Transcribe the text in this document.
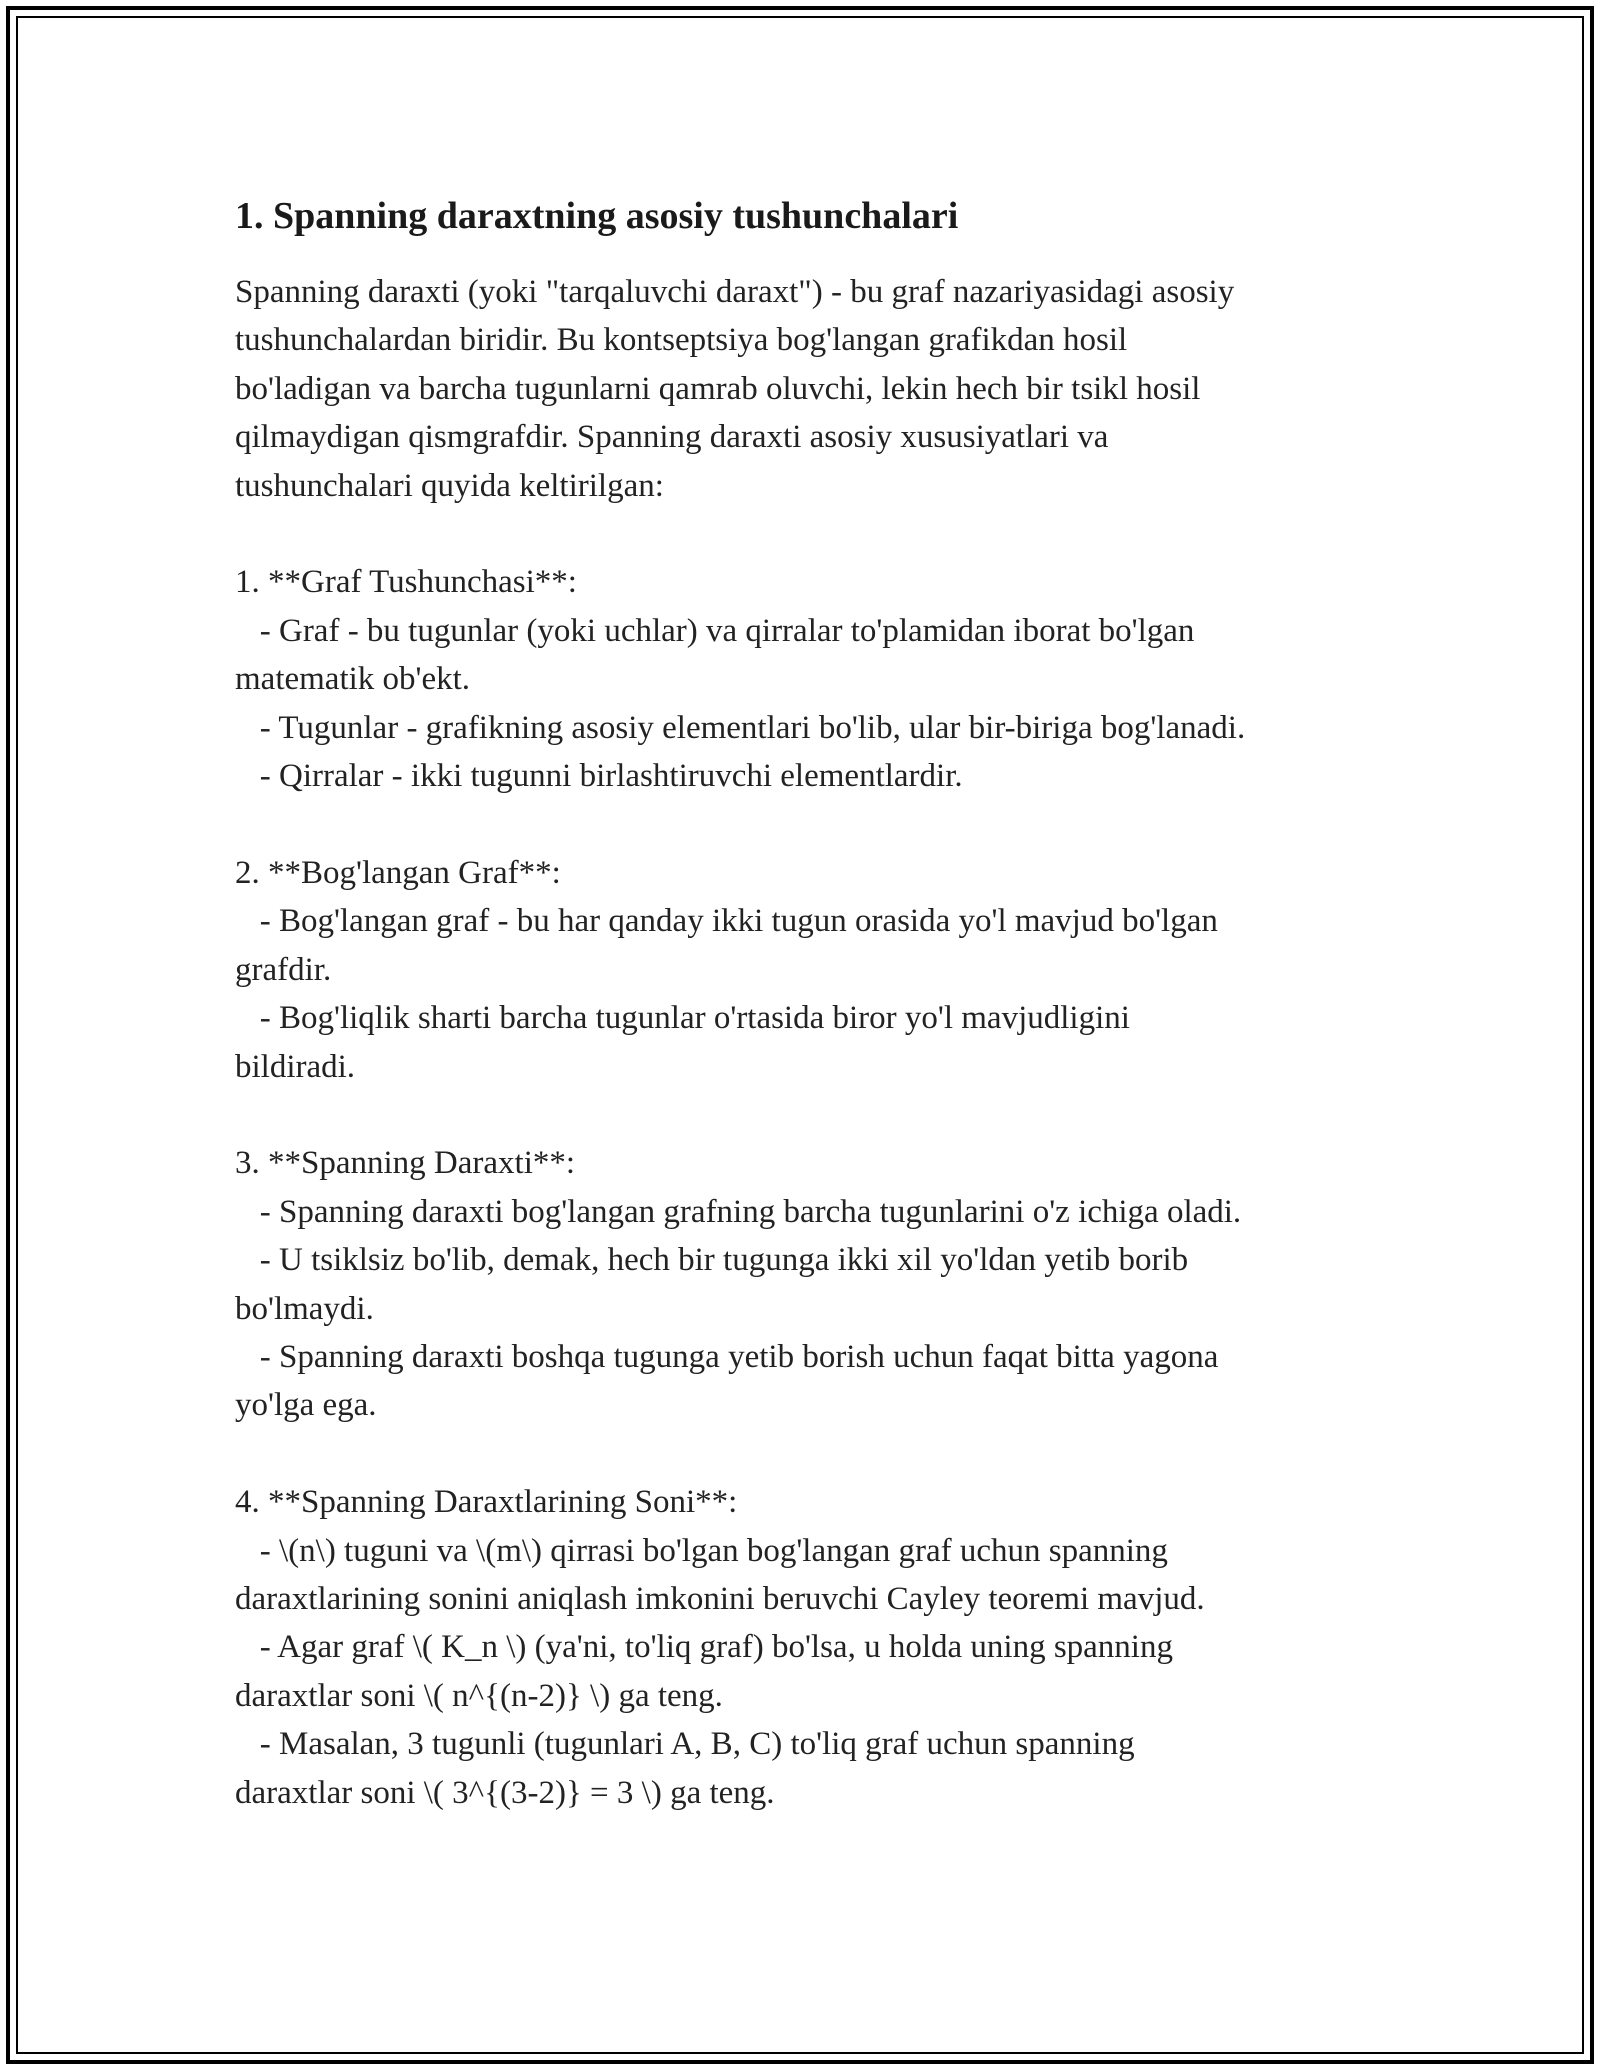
1. Spanning daraxtning asosiy tushunchalari

Spanning daraxti (yoki "tarqaluvchi daraxt") - bu graf nazariyasidagi asosiy
tushunchalardan biridir. Bu kontseptsiya bog'langan grafikdan hosil
bo'ladigan va barcha tugunlarni qamrab oluvchi, lekin hech bir tsikl hosil
qilmaydigan qismgrafdir. Spanning daraxti asosiy xususiyatlari va
tushunchalari quyida keltirilgan:

1. **Graf Tushunchasi**:
- Graf - bu tugunlar (yoki uchlar) va qirralar to'plamidan iborat bo'lgan
matematik ob'ekt.
- Tugunlar - grafikning asosiy elementlari bo'lib, ular bir-biriga bog'lanadi.
- Qirralar - ikki tugunni birlashtiruvchi elementlardir.

2. **Bog'langan Graf**:
- Bog'langan graf - bu har qanday ikki tugun orasida yo'l mavjud bo'lgan
grafdir.
- Bog'liqlik sharti barcha tugunlar o'rtasida biror yo'l mavjudligini
bildiradi.

3. **Spanning Daraxti**:
- Spanning daraxti bog'langan grafning barcha tugunlarini o'z ichiga oladi.
- U tsiklsiz bo'lib, demak, hech bir tugunga ikki xil yo'ldan yetib borib
bo'lmaydi.
- Spanning daraxti boshqa tugunga yetib borish uchun faqat bitta yagona
yo'lga ega.

4. **Spanning Daraxtlarining Soni**:
- \(n\) tuguni va \(m\) qirrasi bo'lgan bog'langan graf uchun spanning
daraxtlarining sonini aniqlash imkonini beruvchi Cayley teoremi mavjud.
- Agar graf \( K_n \) (ya'ni, to'liq graf) bo'lsa, u holda uning spanning
daraxtlar soni \( n^{(n-2)} \) ga teng.
- Masalan, 3 tugunli (tugunlari A, B, C) to'liq graf uchun spanning
daraxtlar soni \( 3^{(3-2)} = 3 \) ga teng.
